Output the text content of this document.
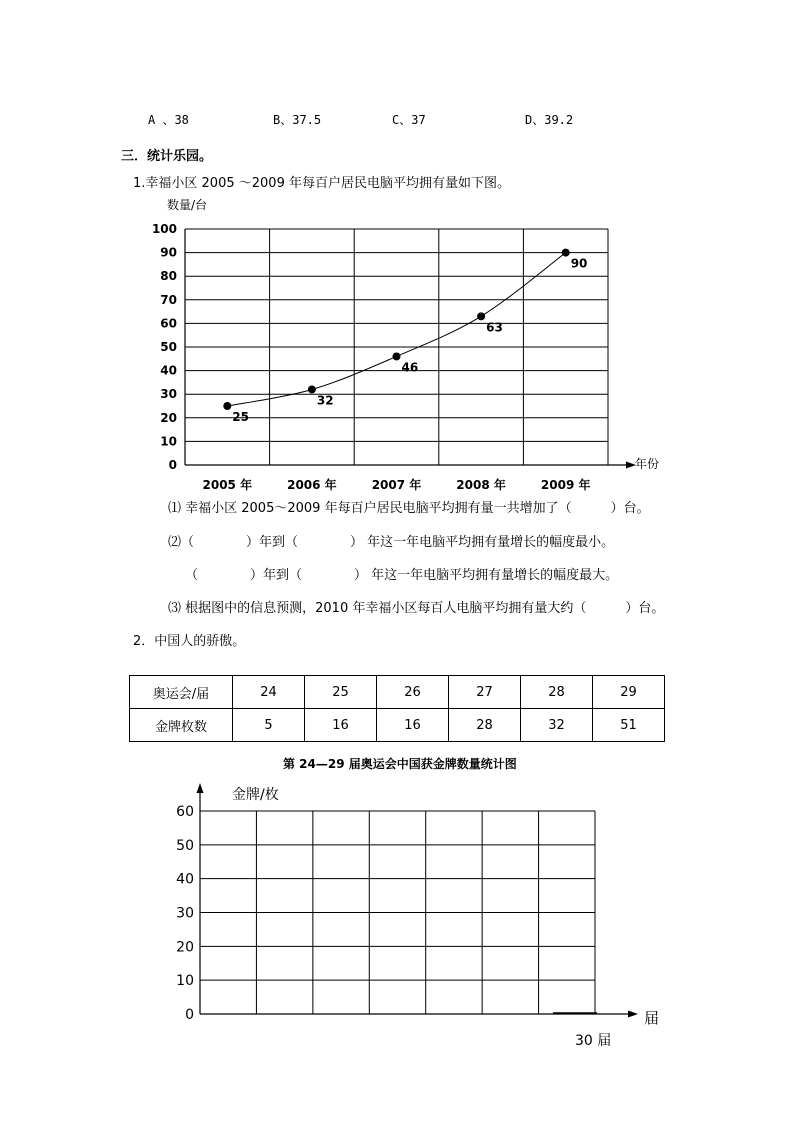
A 、38	B、37.5	C、37	D、39.2
三．统计乐园。
1.幸福小区 2005 ～2009 年每百户居民电脑平均拥有量如下图。
数量/台
0
10
20
30
40
50
60
70
80
90
100
2005 年	2006 年	2007 年	2008 年	2009 年
25
32
46
63
90
年份
⑴ 幸福小区 2005～2009 年每百户居民电脑平均拥有量一共增加了（　　　）台。
⑵（　　　　）年到（　　　　） 年这一年电脑平均拥有量增长的幅度最小。
（　　　　）年到（　　　　） 年这一年电脑平均拥有量增长的幅度最大。
⑶ 根据图中的信息预测，2010 年幸福小区每百人电脑平均拥有量大约（　　　）台。
2．中国人的骄傲。
奥运会/届	24	25	26	27	28	29
金牌枚数	5	16	16	28	32	51
第 24—29 届奥运会中国获金牌数量统计图
0
10
20
30
40
50
60
金牌/枚
届
30 届
